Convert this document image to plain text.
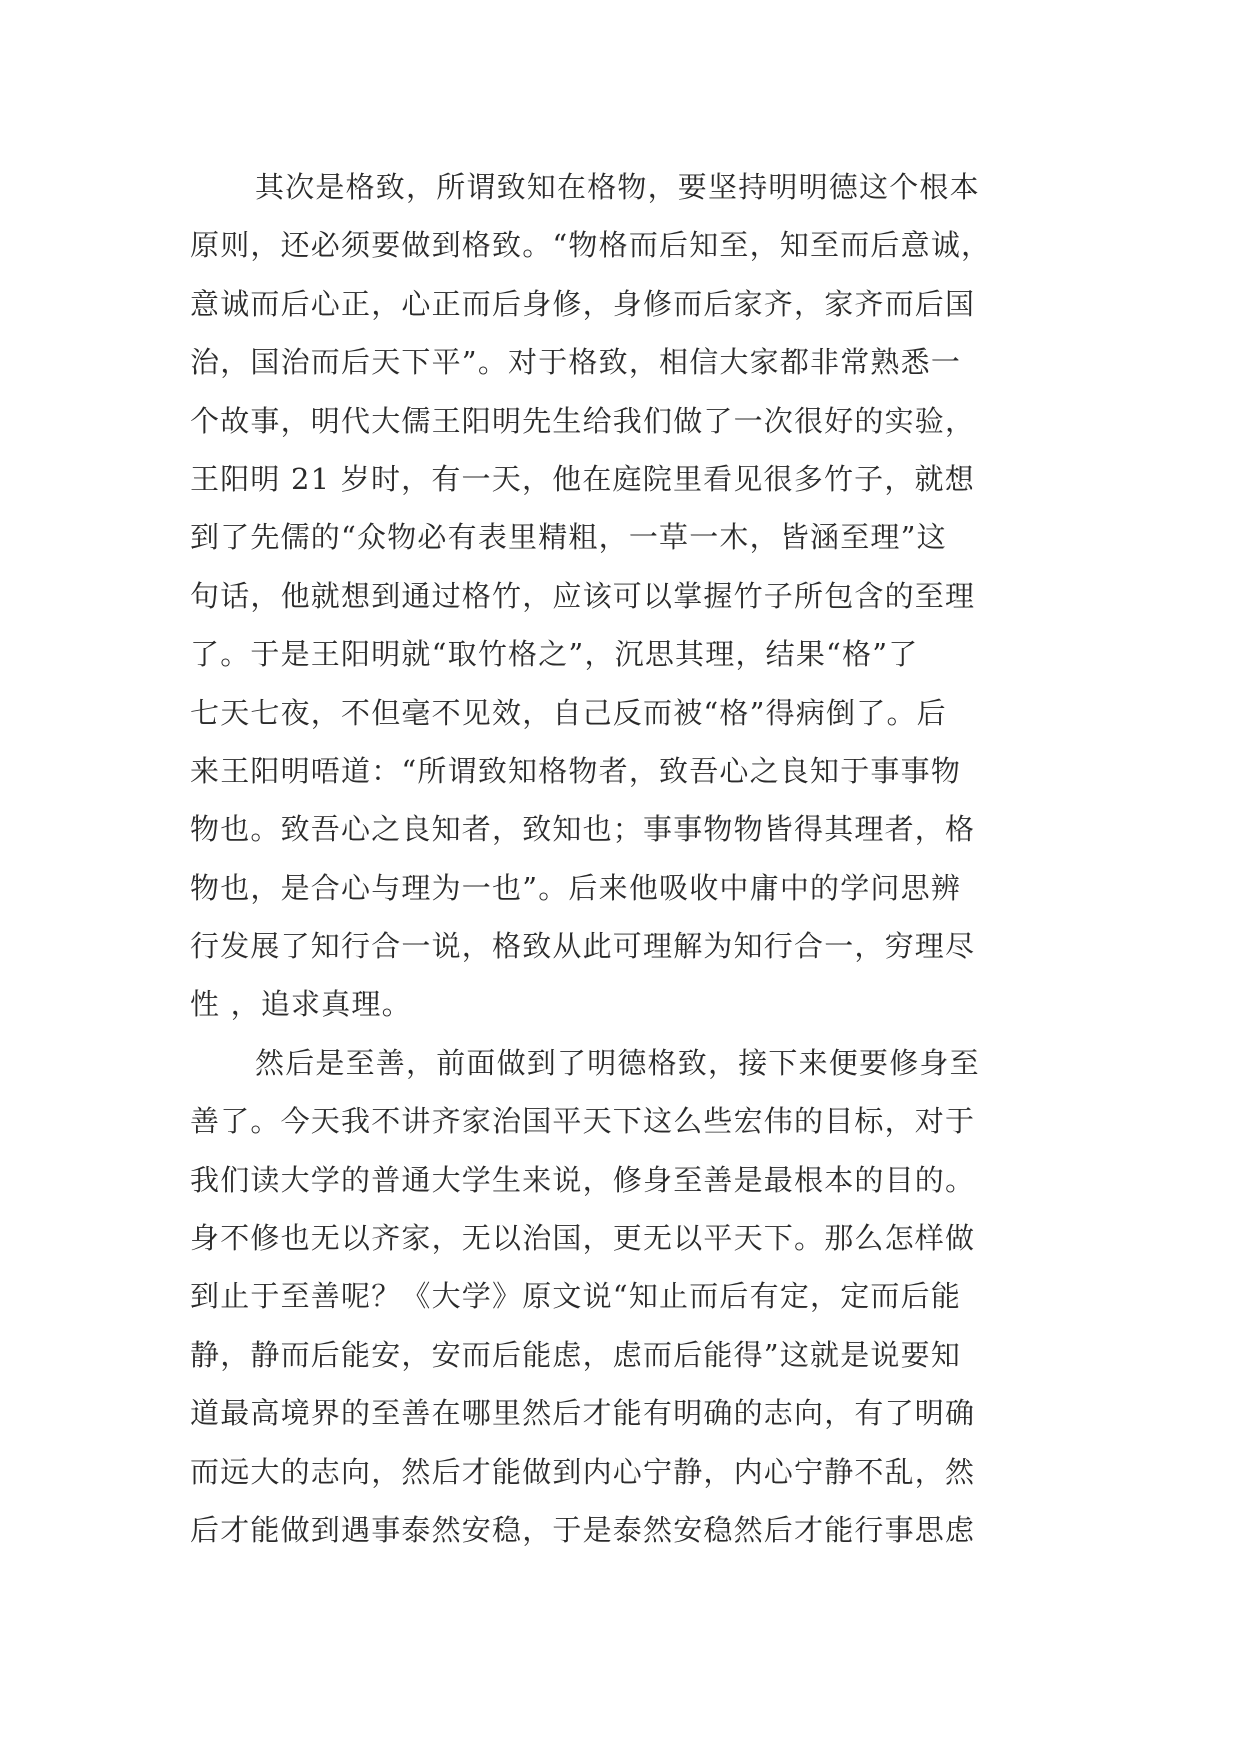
其次是格致，所谓致知在格物，要坚持明明德这个根本
原则，还必须要做到格致。“物格而后知至，知至而后意诚，
意诚而后心正，心正而后身修，身修而后家齐，家齐而后国
治，国治而后天下平”。对于格致，相信大家都非常熟悉一
个故事，明代大儒王阳明先生给我们做了一次很好的实验，
王阳明 21 岁时，有一天，他在庭院里看见很多竹子，就想
到了先儒的“众物必有表里精粗，一草一木，皆涵至理”这
句话，他就想到通过格竹，应该可以掌握竹子所包含的至理
了。于是王阳明就“取竹格之”，沉思其理，结果“格”了
七天七夜，不但毫不见效，自己反而被“格”得病倒了。后
来王阳明唔道：“所谓致知格物者，致吾心之良知于事事物
物也。致吾心之良知者，致知也；事事物物皆得其理者，格
物也，是合心与理为一也”。后来他吸收中庸中的学问思辨
行发展了知行合一说，格致从此可理解为知行合一，穷理尽
性 ，追求真理。
然后是至善，前面做到了明德格致，接下来便要修身至
善了。今天我不讲齐家治国平天下这么些宏伟的目标，对于
我们读大学的普通大学生来说，修身至善是最根本的目的。
身不修也无以齐家，无以治国，更无以平天下。那么怎样做
到止于至善呢？《大学》原文说“知止而后有定，定而后能
静，静而后能安，安而后能虑，虑而后能得”这就是说要知
道最高境界的至善在哪里然后才能有明确的志向，有了明确
而远大的志向，然后才能做到内心宁静，内心宁静不乱，然
后才能做到遇事泰然安稳，于是泰然安稳然后才能行事思虑
